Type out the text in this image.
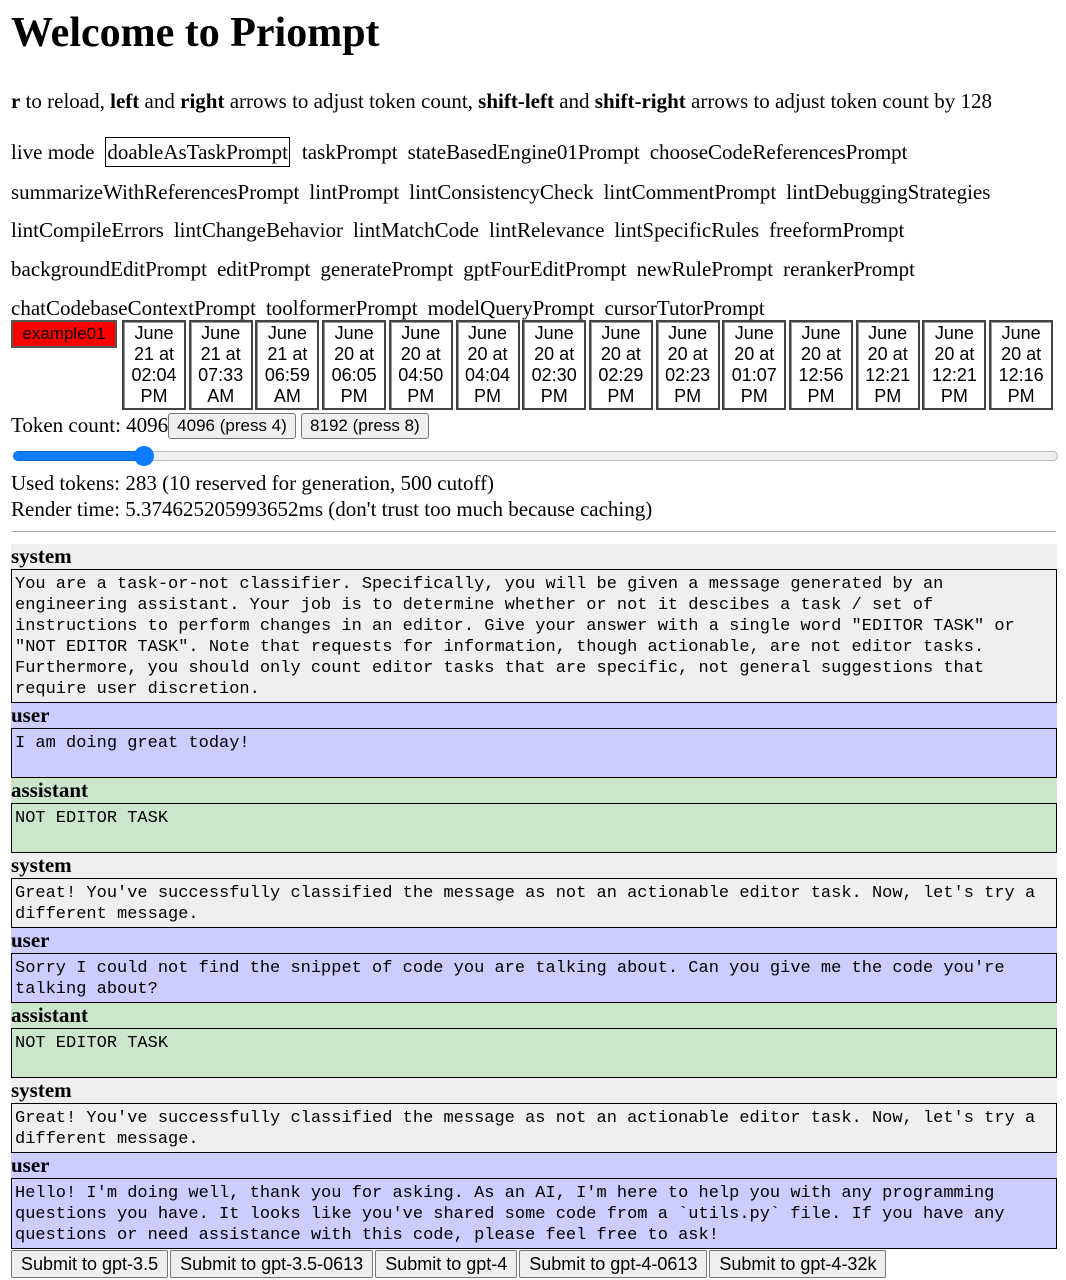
Welcome to Priompt
r to reload, left and right arrows to adjust token count, shift-left and shift-right arrows to adjust token count by 128
live mode doableAsTaskPrompt taskPrompt stateBasedEngine01Prompt chooseCodeReferencesPrompt
summarizeWithReferencesPrompt lintPrompt lintConsistencyCheck lintCommentPrompt lintDebuggingStrategies
lintCompileErrors lintChangeBehavior lintMatchCode lintRelevance lintSpecificRules freeformPrompt
backgroundEditPrompt editPrompt generatePrompt gptFourEditPrompt newRulePrompt rerankerPrompt
chatCodebaseContextPrompt toolformerPrompt modelQueryPrompt cursorTutorPrompt
example01	June 21 at 02:04 PM
June 21 at 07:33 AM
June 21 at 06:59 AM
June 20 at 06:05 PM
June 20 at 04:50 PM
June 20 at 04:04 PM
June 20 at 02:30 PM
June 20 at 02:29 PM
June 20 at 02:23 PM
June 20 at 01:07 PM
June 20 at 12:56 PM
June 20 at 12:21 PM
June 20 at 12:21 PM
June 20 at 12:16 PM
Token count: 4096 4096 (press 4) 8192 (press 8)
Used tokens: 283 (10 reserved for generation, 500 cutoff)
Render time: 5.374625205993652ms (don't trust too much because caching)
system
You are a task-or-not classifier. Specifically, you will be given a message generated by an engineering assistant. Your job is to determine whether or not it descibes a task / set of instructions to perform changes in an editor. Give your answer with a single word "EDITOR TASK" or "NOT EDITOR TASK". Note that requests for information, though actionable, are not editor tasks. Furthermore, you should only count editor tasks that are specific, not general suggestions that require user discretion.
user
I am doing great today!

assistant
NOT EDITOR TASK

system
Great! You've successfully classified the message as not an actionable editor task. Now, let's try a different message.
user
Sorry I could not find the snippet of code you are talking about. Can you give me the code you're talking about?
assistant
NOT EDITOR TASK

system
Great! You've successfully classified the message as not an actionable editor task. Now, let's try a different message.
user
Hello! I'm doing well, thank you for asking. As an AI, I'm here to help you with any programming questions you have. It looks like you've shared some code from a `utils.py` file. If you have any questions or need assistance with this code, please feel free to ask!
Submit to gpt-3.5 Submit to gpt-3.5-0613 Submit to gpt-4 Submit to gpt-4-0613 Submit to gpt-4-32k
